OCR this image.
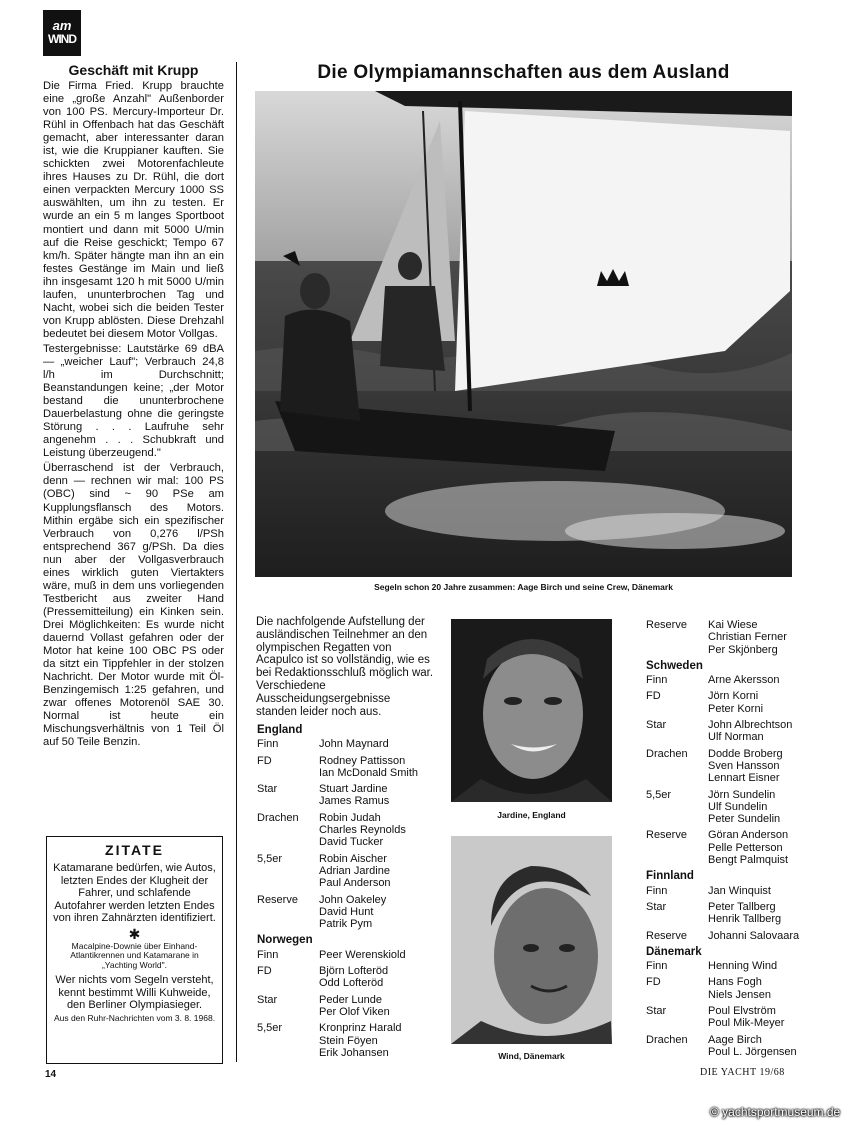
am
WIND
Geschäft mit Krupp

Die Firma Fried. Krupp brauchte eine „große Anzahl" Außenborder von 100 PS. Mercury-Importeur Dr. Rühl in Offenbach hat das Geschäft gemacht, aber interessanter daran ist, wie die Kruppianer kauften. Sie schickten zwei Motorenfachleute ihres Hauses zu Dr. Rühl, die dort einen verpackten Mercury 1000 SS auswählten, um ihn zu testen. Er wurde an ein 5 m langes Sportboot montiert und dann mit 5000 U/min auf die Reise geschickt; Tempo 67 km/h. Später hängte man ihn an ein festes Gestänge im Main und ließ ihn insgesamt 120 h mit 5000 U/min laufen, ununterbrochen Tag und Nacht, wobei sich die beiden Tester von Krupp ablösten. Diese Drehzahl bedeutet bei diesem Motor Vollgas.

Testergebnisse: Lautstärke 69 dBA — „weicher Lauf"; Verbrauch 24,8 l/h im Durchschnitt; Beanstandungen keine; „der Motor bestand die ununterbrochene Dauerbelastung ohne die geringste Störung . . . Laufruhe sehr angenehm . . . Schubkraft und Leistung überzeugend."

Überraschend ist der Verbrauch, denn — rechnen wir mal: 100 PS (OBC) sind ~ 90 PSe am Kupplungsflansch des Motors. Mithin ergäbe sich ein spezifischer Verbrauch von 0,276 l/PSh entsprechend 367 g/PSh. Da dies nun aber der Vollgasverbrauch eines wirklich guten Viertakters wäre, muß in dem uns vorliegenden Testbericht aus zweiter Hand (Pressemitteilung) ein Kinken sein. Drei Möglichkeiten: Es wurde nicht dauernd Vollast gefahren oder der Motor hat keine 100 OBC PS oder da sitzt ein Tippfehler in der stolzen Nachricht. Der Motor wurde mit Öl-Benzingemisch 1:25 gefahren, und zwar offenes Motorenöl SAE 30. Normal ist heute ein Mischungsverhältnis von 1 Teil Öl auf 50 Teile Benzin.

ZITATE
Katamarane bedürfen, wie Autos, letzten Endes der Klugheit der Fahrer, und schlafende Autofahrer werden letzten Endes von ihren Zahnärzten identifiziert.
✱
Macalpine-Downie über Einhand-Atlantikrennen und Katamarane in „Yachting World".
Wer nichts vom Segeln versteht, kennt bestimmt Willi Kuhweide, den Berliner Olympiasieger.
Aus den Ruhr-Nachrichten vom 3. 8. 1968.
Die Olympiamannschaften aus dem Ausland
Segeln schon 20 Jahre zusammen: Aage Birch und seine Crew, Dänemark
Die nachfolgende Aufstellung der ausländischen Teilnehmer an den olympischen Regatten von Acapulco ist so vollständig, wie es bei Redaktionsschluß möglich war. Verschiedene Ausscheidungsergebnisse standen leider noch aus.
England
Finn	John Maynard
FD	Rodney Pattisson
Ian McDonald Smith
Star	Stuart Jardine
James Ramus
Drachen	Robin Judah
Charles Reynolds
David Tucker
5,5er	Robin Aischer
Adrian Jardine
Paul Anderson
Reserve	John Oakeley
David Hunt
Patrik Pym
Norwegen
Finn	Peer Werenskiold
FD	Björn Lofteröd
Odd Lofteröd
Star	Peder Lunde
Per Olof Viken
5,5er	Kronprinz Harald
Stein Föyen
Erik Johansen
Jardine, England
Wind, Dänemark
Reserve	Kai Wiese
Christian Ferner
Per Skjönberg
Schweden
Finn	Arne Akersson
FD	Jörn Korni
Peter Korni
Star	John Albrechtson
Ulf Norman
Drachen	Dodde Broberg
Sven Hansson
Lennart Eisner
5,5er	Jörn Sundelin
Ulf Sundelin
Peter Sundelin
Reserve	Göran Anderson
Pelle Petterson
Bengt Palmquist
Finnland
Finn	Jan Winquist
Star	Peter Tallberg
Henrik Tallberg
Reserve	Johanni Salovaara
Dänemark
Finn	Henning Wind
FD	Hans Fogh
Niels Jensen
Star	Poul Elvström
Poul Mik-Meyer
Drachen	Aage Birch
Poul L. Jörgensen
14	DIE YACHT 19/68
© yachtsportmuseum.de
